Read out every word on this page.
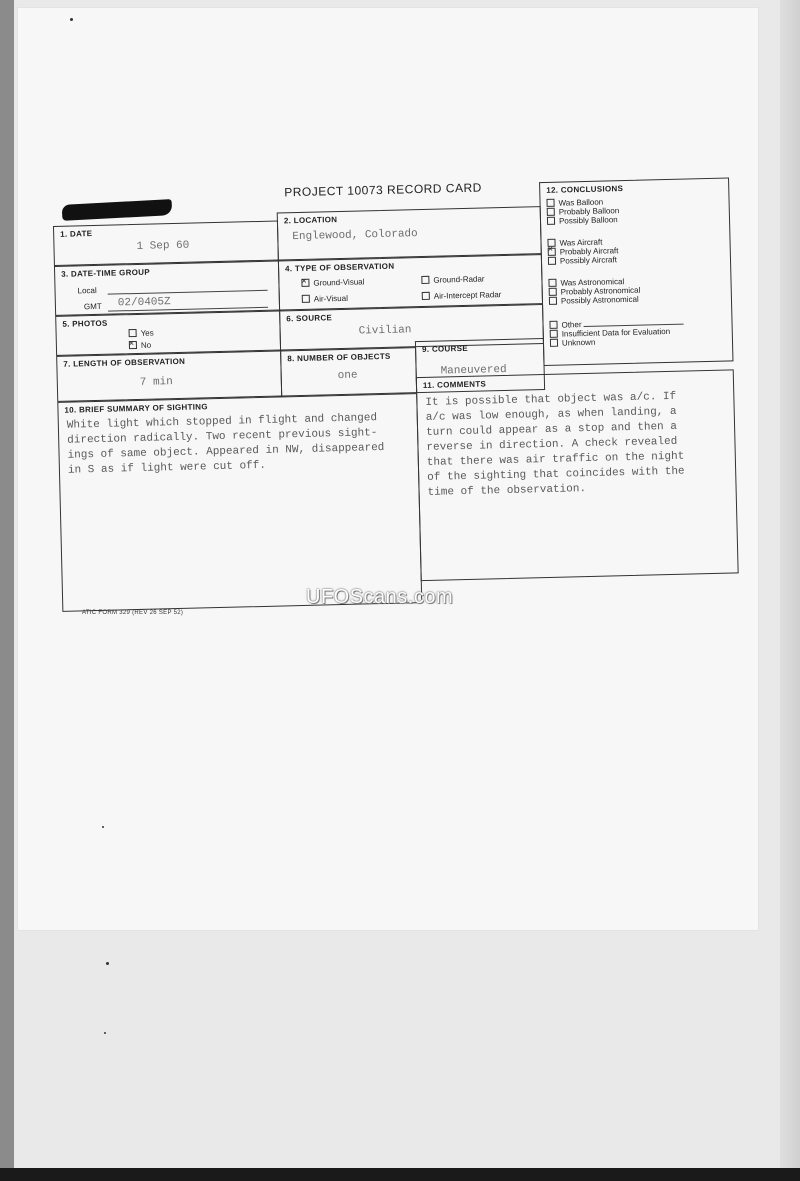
PROJECT 10073 RECORD CARD
1. DATE
1 Sep 60
2. LOCATION
Englewood, Colorado
3. DATE-TIME GROUP
Local
GMT 02/0405Z
4. TYPE OF OBSERVATION
×Ground-Visual	Ground-Radar
Air-Visual	Air-Intercept Radar
5. PHOTOS
Yes
×No
6. SOURCE
Civilian
7. LENGTH OF OBSERVATION
7 min
8. NUMBER OF OBJECTS
one
9. COURSE
Maneuvered
12. CONCLUSIONS
Was Balloon
Probably Balloon
Possibly Balloon
Was Aircraft
×Probably Aircraft
Possibly Aircraft
Was Astronomical
Probably Astronomical
Possibly Astronomical
Other
Insufficient Data for Evaluation
Unknown
10. BRIEF SUMMARY OF SIGHTING
White light which stopped in flight and changed
direction radically. Two recent previous sight-
ings of same object. Appeared in NW, disappeared
in S as if light were cut off.
11. COMMENTS
It is possible that object was a/c. If
a/c was low enough, as when landing, a
turn could appear as a stop and then a
reverse in direction. A check revealed
that there was air traffic on the night
of the sighting that coincides with the
time of the observation.
ATIC FORM 329 (REV 26 SEP 52)
UFOScans.com
